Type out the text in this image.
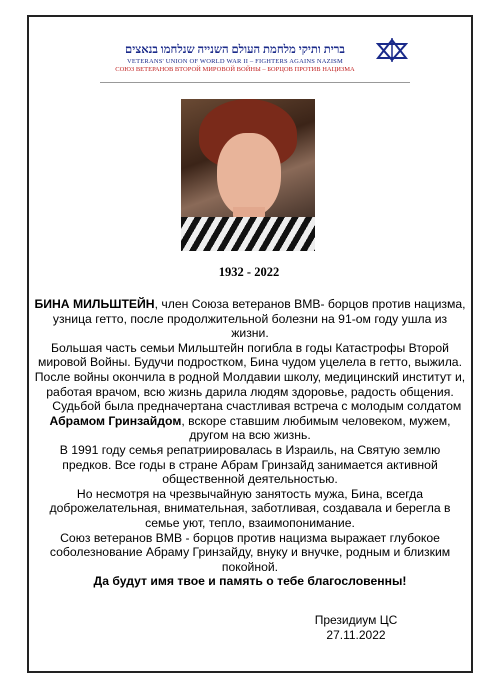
ברית ותיקי מלחמת העולם השנייה שנלחמו בנאצים
VETERANS' UNION OF WORLD WAR II – FIGHTERS AGAINS NAZISM
СОЮЗ ВЕТЕРАНОВ ВТОРОЙ МИРОВОЙ ВОЙНЫ – БОРЦОВ ПРОТИВ НАЦИЗМА
1932 - 2022

БИНА МИЛЬШТЕЙН, член Союза ветеранов ВМВ- борцов против нацизма, узница гетто, после продолжительной болезни на 91-ом году ушла из жизни.

Большая часть семьи Мильштейн погибла в годы Катастрофы Второй мировой Войны. Будучи подростком, Бина чудом уцелела в гетто, выжила. После войны окончила в родной Молдавии школу, медицинский институт и, работая врачом, всю жизнь дарила людям здоровье, радость общения.

Судьбой была предначертана счастливая встреча с молодым солдатом Абрамом Гринзайдом, вскоре ставшим любимым человеком, мужем, другом на всю жизнь.

В 1991 году семья репатриировалась в Израиль, на Святую землю предков. Все годы в стране Абрам Гринзайд занимается активной общественной деятельностью.

Но несмотря на чрезвычайную занятость мужа, Бина, всегда доброжелательная, внимательная, заботливая, создавала и берегла в семье уют, тепло, взаимопонимание.

Союз ветеранов ВМВ - борцов против нацизма выражает глубокое соболезнование Абраму Гринзайду, внуку и внучке, родным и близким покойной.

Да будут имя твое и память о тебе благословенны!

Президиум ЦС
27.11.2022
